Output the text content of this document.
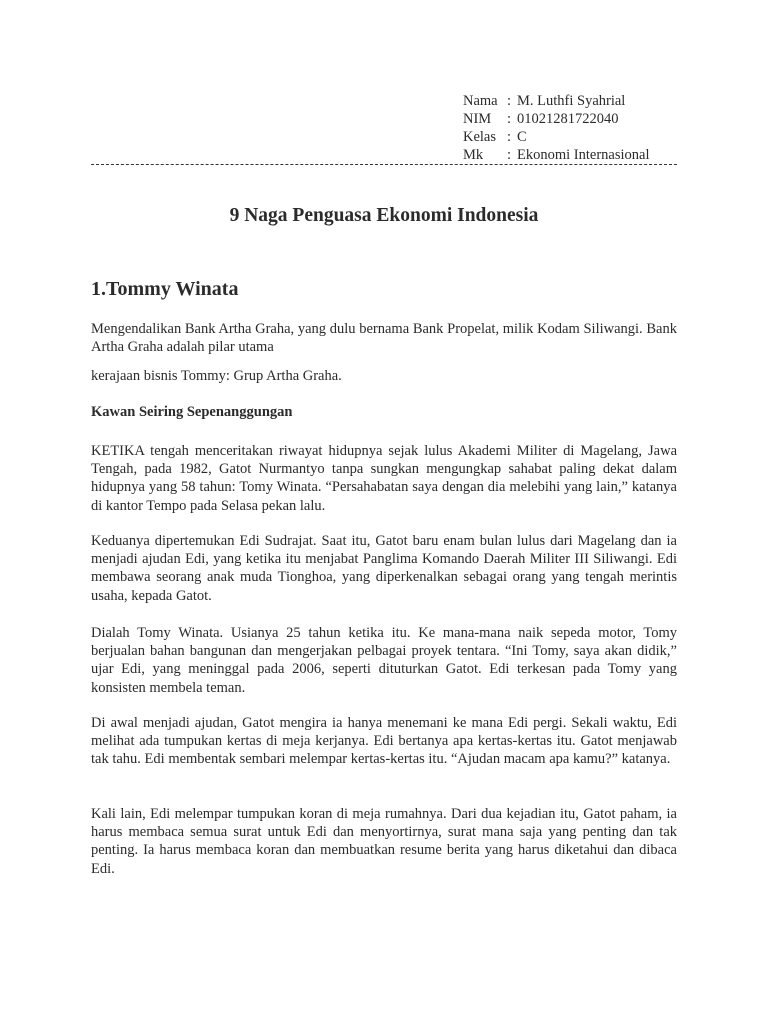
Nama : M. Luthfi Syahrial
NIM	: 01021281722040
Kelas : C
Mk	: Ekonomi Internasional
9 Naga Penguasa Ekonomi Indonesia
1.Tommy Winata

Mengendalikan Bank Artha Graha, yang dulu bernama Bank Propelat, milik Kodam Siliwangi. Bank Artha Graha adalah pilar utama

kerajaan bisnis Tommy: Grup Artha Graha.

Kawan Seiring Sepenanggungan

KETIKA tengah menceritakan riwayat hidupnya sejak lulus Akademi Militer di Magelang, Jawa Tengah, pada 1982, Gatot Nurmantyo tanpa sungkan mengungkap sahabat paling dekat dalam hidupnya yang 58 tahun: Tomy Winata. “Persahabatan saya dengan dia melebihi yang lain,” katanya di kantor Tempo pada Selasa pekan lalu.

Keduanya dipertemukan Edi Sudrajat. Saat itu, Gatot baru enam bulan lulus dari Magelang dan ia menjadi ajudan Edi, yang ketika itu menjabat Panglima Komando Daerah Militer III Siliwangi. Edi membawa seorang anak muda Tionghoa, yang diperkenalkan sebagai orang yang tengah merintis usaha, kepada Gatot.

Dialah Tomy Winata. Usianya 25 tahun ketika itu. Ke mana-mana naik sepeda motor, Tomy berjualan bahan bangunan dan mengerjakan pelbagai proyek tentara. “Ini Tomy, saya akan didik,” ujar Edi, yang meninggal pada 2006, seperti dituturkan Gatot. Edi terkesan pada Tomy yang konsisten membela teman.

Di awal menjadi ajudan, Gatot mengira ia hanya menemani ke mana Edi pergi. Sekali waktu, Edi melihat ada tumpukan kertas di meja kerjanya. Edi bertanya apa kertas-kertas itu. Gatot menjawab tak tahu. Edi membentak sembari melempar kertas-kertas itu. “Ajudan macam apa kamu?” katanya.

Kali lain, Edi melempar tumpukan koran di meja rumahnya. Dari dua kejadian itu, Gatot paham, ia harus membaca semua surat untuk Edi dan menyortirnya, surat mana saja yang penting dan tak penting. Ia harus membaca koran dan membuatkan resume berita yang harus diketahui dan dibaca Edi.
